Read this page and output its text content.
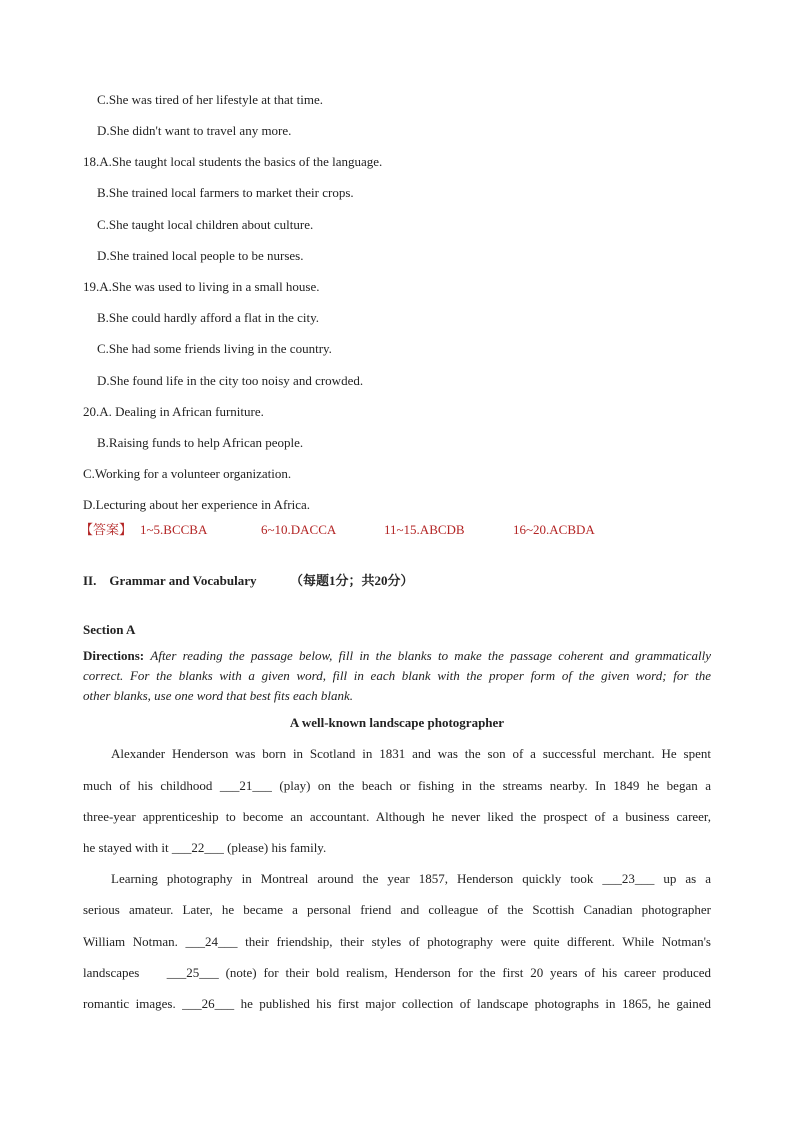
C.She was tired of her lifestyle at that time.
D.She didn't want to travel any more.
18.A.She taught local students the basics of the language.
B.She trained local farmers to market their crops.
C.She taught local children about culture.
D.She trained local people to be nurses.
19.A.She was used to living in a small house.
B.She could hardly afford a flat in the city.
C.She had some friends living in the country.
D.She found life in the city too noisy and crowded.
20.A. Dealing in African furniture.
B.Raising funds to help African people.
C.Working for a volunteer organization.
D.Lecturing about her experience in Africa.
【答案】 1~5.BCCBA	6~10.DACCA	11~15.ABCDB	16~20.ACBDA
II.    Grammar and Vocabulary	（每题1分；共20分）
Section A
Directions: After reading the passage below, fill in the blanks to make the passage coherent and grammatically
correct. For the blanks with a given word, fill in each blank with the proper form of the given word; for the
other blanks, use one word that best fits each blank.
A well-known landscape photographer
Alexander Henderson was born in Scotland in 1831 and was the son of a successful merchant. He spent
much of his childhood ___21___ (play) on the beach or fishing in the streams nearby. In 1849 he began a
three-year apprenticeship to become an accountant. Although he never liked the prospect of a business career,
he stayed with it ___22___ (please) his family.
Learning photography in Montreal around the year 1857, Henderson quickly took ___23___ up as a
serious amateur. Later, he became a personal friend and colleague of the Scottish Canadian photographer
William Notman. ___24___ their friendship, their styles of photography were quite different. While Notman's
landscapes    ___25___ (note) for their bold realism, Henderson for the first 20 years of his career produced
romantic images. ___26___ he published his first major collection of landscape photographs in 1865, he gained
